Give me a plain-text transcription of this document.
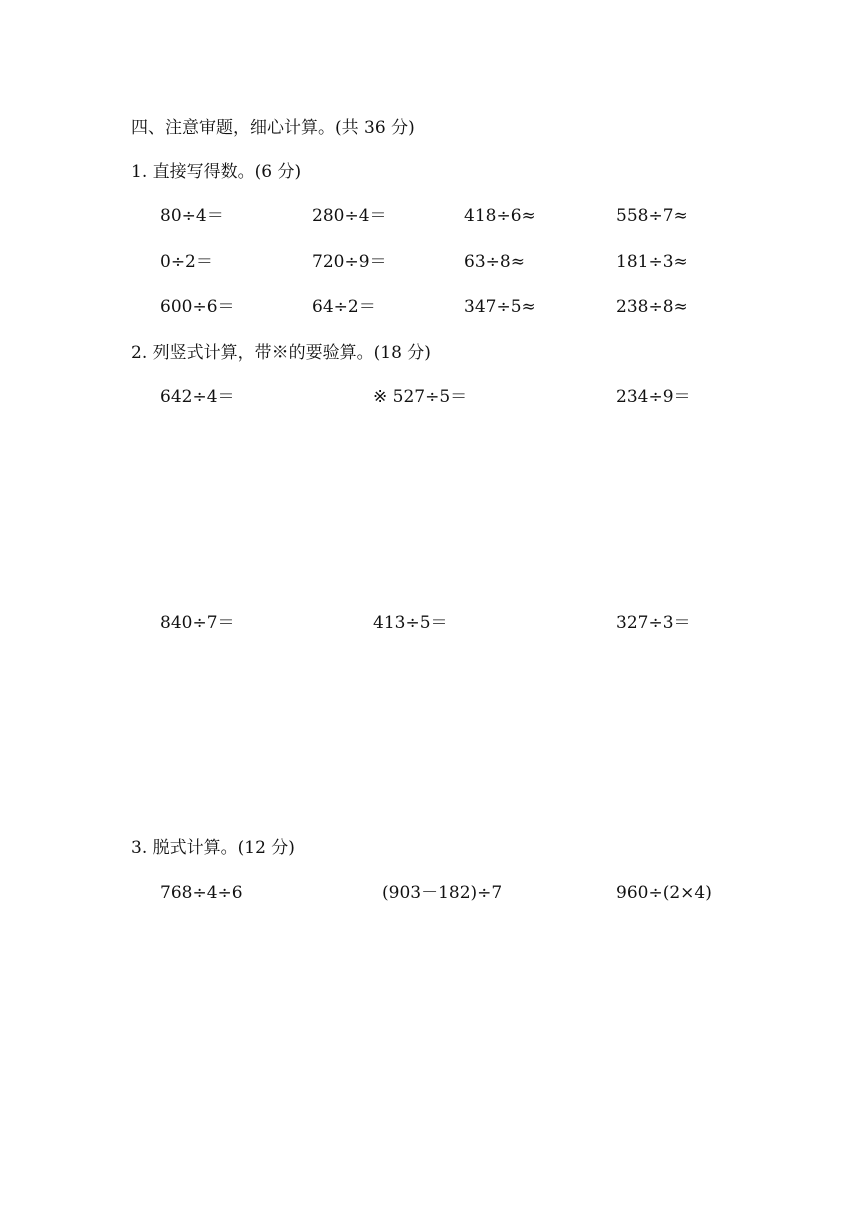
四、注意审题，细心计算。(共 36 分)
1. 直接写得数。(6 分)
80÷4＝	280÷4＝	418÷6≈	558÷7≈
0÷2＝	720÷9＝	63÷8≈	181÷3≈
600÷6＝	64÷2＝	347÷5≈	238÷8≈
2. 列竖式计算，带※的要验算。(18 分)
642÷4＝	※ 527÷5＝	234÷9＝
840÷7＝	413÷5＝	327÷3＝
3. 脱式计算。(12 分)
768÷4÷6	(903－182)÷7	960÷(2×4)
